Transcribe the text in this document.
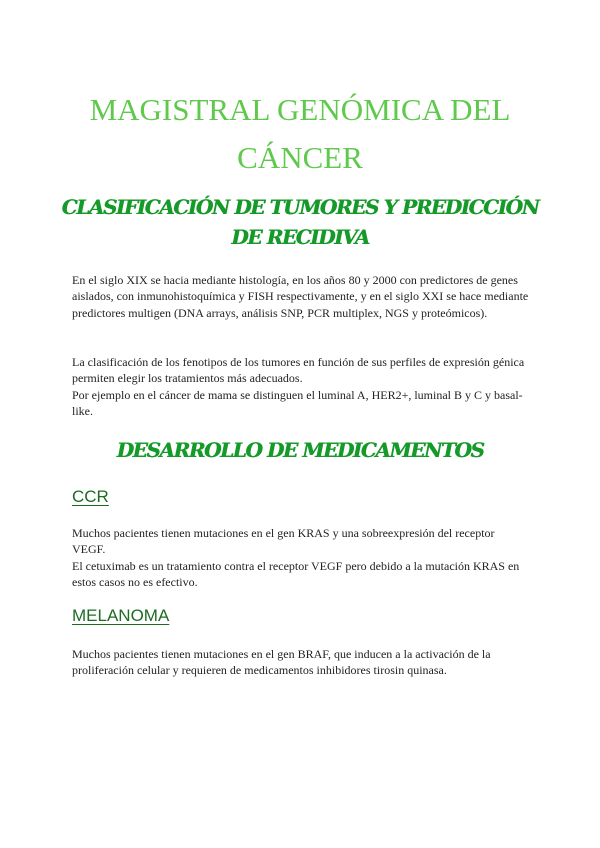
MAGISTRAL GENÓMICA DEL CÁNCER
CLASIFICACIÓN DE TUMORES Y PREDICCIÓN DE RECIDIVA

En el siglo XIX se hacia mediante histología, en los años 80 y 2000 con predictores de genes aislados, con inmunohistoquímica y FISH respectivamente, y en el siglo XXI se hace mediante predictores multigen (DNA arrays, análisis SNP, PCR multiplex, NGS y proteómicos).

La clasificación de los fenotipos de los tumores en función de sus perfiles de expresión génica permiten elegir los tratamientos más adecuados.
Por ejemplo en el cáncer de mama se distinguen el luminal A, HER2+, luminal B y C y basal-like.

DESARROLLO DE MEDICAMENTOS
CCR

Muchos pacientes tienen mutaciones en el gen KRAS y una sobreexpresión del receptor VEGF.
El cetuximab es un tratamiento contra el receptor VEGF pero debido a la mutación KRAS en estos casos no es efectivo.

MELANOMA

Muchos pacientes tienen mutaciones en el gen BRAF, que inducen a la activación de la proliferación celular y requieren de medicamentos inhibidores tirosin quinasa.
